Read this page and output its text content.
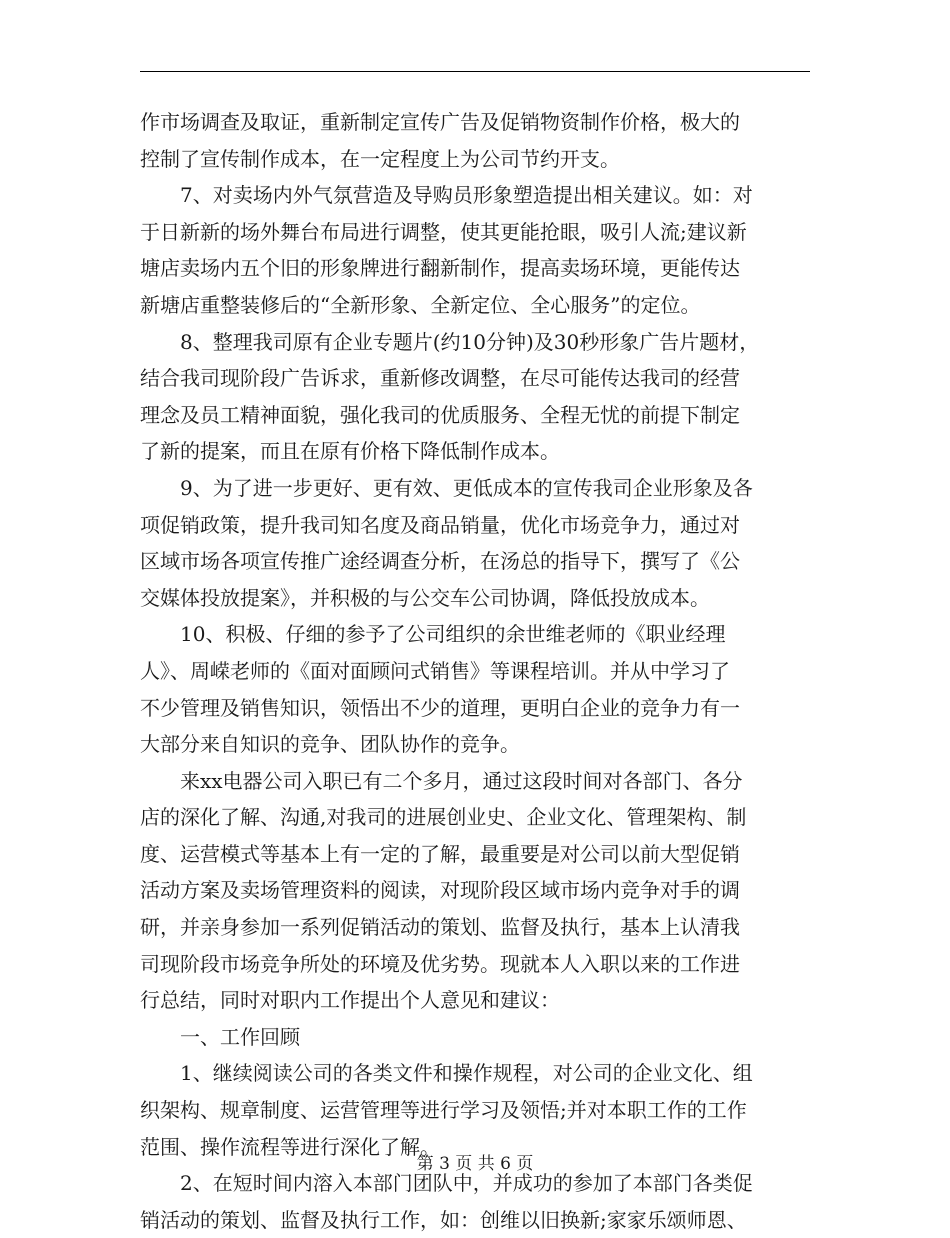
作市场调查及取证，重新制定宣传广告及促销物资制作价格，极大的
控制了宣传制作成本，在一定程度上为公司节约开支。
　　7、对卖场内外气氛营造及导购员形象塑造提出相关建议。如：对
于日新新的场外舞台布局进行调整，使其更能抢眼，吸引人流;建议新
塘店卖场内五个旧的形象牌进行翻新制作，提高卖场环境，更能传达
新塘店重整装修后的“全新形象、全新定位、全心服务”的定位。
　　8、整理我司原有企业专题片(约10分钟)及30秒形象广告片题材，
结合我司现阶段广告诉求，重新修改调整，在尽可能传达我司的经营
理念及员工精神面貌，强化我司的优质服务、全程无忧的前提下制定
了新的提案，而且在原有价格下降低制作成本。
　　9、为了进一步更好、更有效、更低成本的宣传我司企业形象及各
项促销政策，提升我司知名度及商品销量，优化市场竞争力，通过对
区域市场各项宣传推广途经调查分析，在汤总的指导下，撰写了《公
交媒体投放提案》，并积极的与公交车公司协调，降低投放成本。
　　10、积极、仔细的参予了公司组织的余世维老师的《职业经理
人》、周嵘老师的《面对面顾问式销售》等课程培训。并从中学习了
不少管理及销售知识，领悟出不少的道理，更明白企业的竞争力有一
大部分来自知识的竞争、团队协作的竞争。
　　来xx电器公司入职已有二个多月，通过这段时间对各部门、各分
店的深化了解、沟通,对我司的进展创业史、企业文化、管理架构、制
度、运营模式等基本上有一定的了解，最重要是对公司以前大型促销
活动方案及卖场管理资料的阅读，对现阶段区域市场内竞争对手的调
研，并亲身参加一系列促销活动的策划、监督及执行，基本上认清我
司现阶段市场竞争所处的环境及优劣势。现就本人入职以来的工作进
行总结，同时对职内工作提出个人意见和建议：
　　一、工作回顾
　　1、继续阅读公司的各类文件和操作规程，对公司的企业文化、组
织架构、规章制度、运营管理等进行学习及领悟;并对本职工作的工作
范围、操作流程等进行深化了解。
　　2、在短时间内溶入本部门团队中，并成功的参加了本部门各类促
销活动的策划、监督及执行工作，如：创维以旧换新;家家乐颂师恩、
第 3 页 共 6 页
